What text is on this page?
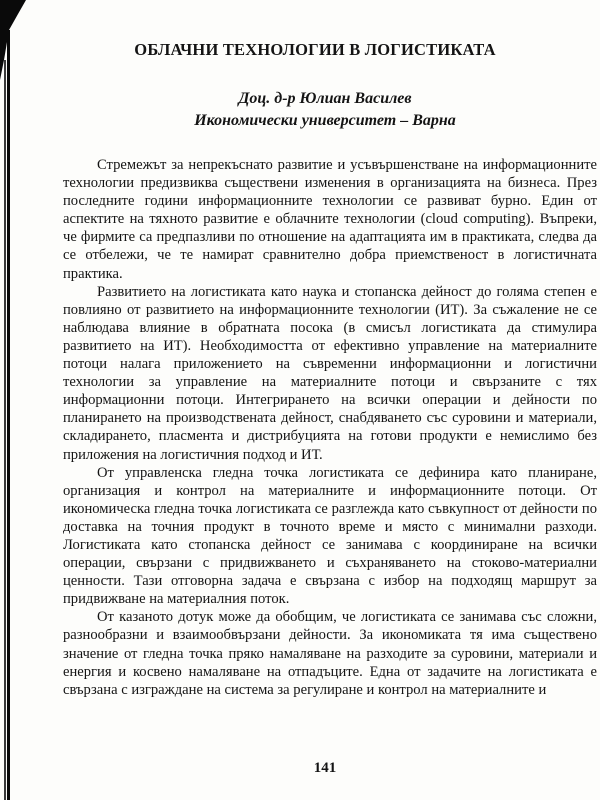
ОБЛАЧНИ ТЕХНОЛОГИИ В ЛОГИСТИКАТА
Доц. д-р Юлиан Василев
Икономически университет – Варна

Стремежът за непрекъснато развитие и усъвършенстване на информационните технологии предизвиква съществени изменения в организацията на бизнеса. През последните години информационните технологии се развиват бурно. Един от аспектите на тяхното развитие е облачните технологии (cloud computing). Въпреки, че фирмите са предпазливи по отношение на адаптацията им в практиката, следва да се отбележи, че те намират сравнително добра приемственост в логистичната практика.

Развитието на логистиката като наука и стопанска дейност до голяма степен е повлияно от развитието на информационните технологии (ИТ). За съжаление не се наблюдава влияние в обратната посока (в смисъл логистиката да стимулира развитието на ИТ). Необходимостта от ефективно управление на материалните потоци налага приложението на съвременни информационни и логистични технологии за управление на материалните потоци и свързаните с тях информационни потоци. Интегрирането на всички операции и дейности по планирането на производствената дейност, снабдяването със суровини и материали, складирането, пласмента и дистрибуцията на готови продукти е немислимо без приложения на логистичния подход и ИТ.

От управленска гледна точка логистиката се дефинира като планиране, организация и контрол на материалните и информационните потоци. От икономическа гледна точка логистиката се разглежда като съвкупност от дейности по доставка на точния продукт в точното време и място с минимални разходи. Логистиката като стопанска дейност се занимава с координиране на всички операции, свързани с придвижването и съхраняването на стоково-материални ценности. Тази отговорна задача е свързана с избор на подходящ маршрут за придвижване на материалния поток.

От казаното дотук може да обобщим, че логистиката се занимава със сложни, разнообразни и взаимообвързани дейности. За икономиката тя има съществено значение от гледна точка пряко намаляване на разходите за суровини, материали и енергия и косвено намаляване на отпадъците. Една от задачите на логистиката е свързана с изграждане на система за регулиране и контрол на материалните и

141
